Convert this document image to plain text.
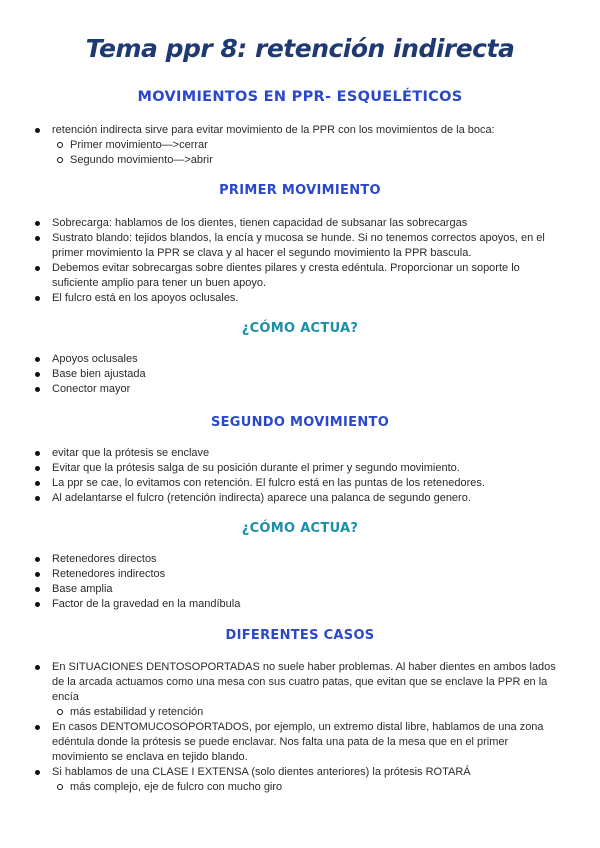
Tema ppr 8: retención indirecta
MOVIMIENTOS EN PPR- ESQUELÉTICOS
retención indirecta sirve para evitar movimiento de la PPR con los movimientos de la boca:
Primer movimiento—>cerrar
Segundo movimiento—>abrir
PRIMER MOVIMIENTO
Sobrecarga: hablamos de los dientes, tienen capacidad de subsanar las sobrecargas
Sustrato blando: tejidos blandos, la encía y mucosa se hunde. Si no tenemos correctos apoyos, en el primer movimiento la PPR se clava y al hacer el segundo movimiento la PPR bascula.
Debemos evitar sobrecargas sobre dientes pilares y cresta edéntula. Proporcionar un soporte lo suficiente amplio para tener un buen apoyo.
El fulcro está en los apoyos oclusales.
¿CÓMO ACTUA?
Apoyos oclusales
Base bien ajustada
Conector mayor
SEGUNDO MOVIMIENTO
evitar que la prótesis se enclave
Evitar que la prótesis salga de su posición durante el primer y segundo movimiento.
La ppr se cae, lo evitamos con retención. El fulcro está en las puntas de los retenedores.
Al adelantarse el fulcro (retención indirecta) aparece una palanca de segundo genero.
¿CÓMO ACTUA?
Retenedores directos
Retenedores indirectos
Base amplia
Factor de la gravedad en la mandíbula
DIFERENTES CASOS
En SITUACIONES DENTOSOPORTADAS no suele haber problemas. Al haber dientes en ambos lados de la arcada actuamos como una mesa con sus cuatro patas, que evitan que se enclave la PPR en la encía
más estabilidad y retención
En casos DENTOMUCOSOPORTADOS, por ejemplo, un extremo distal libre, hablamos de una zona edéntula donde la prótesis se puede enclavar. Nos falta una pata de la mesa que en el primer movimiento se enclava en tejido blando.
Si hablamos de una CLASE I EXTENSA (solo dientes anteriores) la prótesis ROTARÁ
más complejo, eje de fulcro con mucho giro
